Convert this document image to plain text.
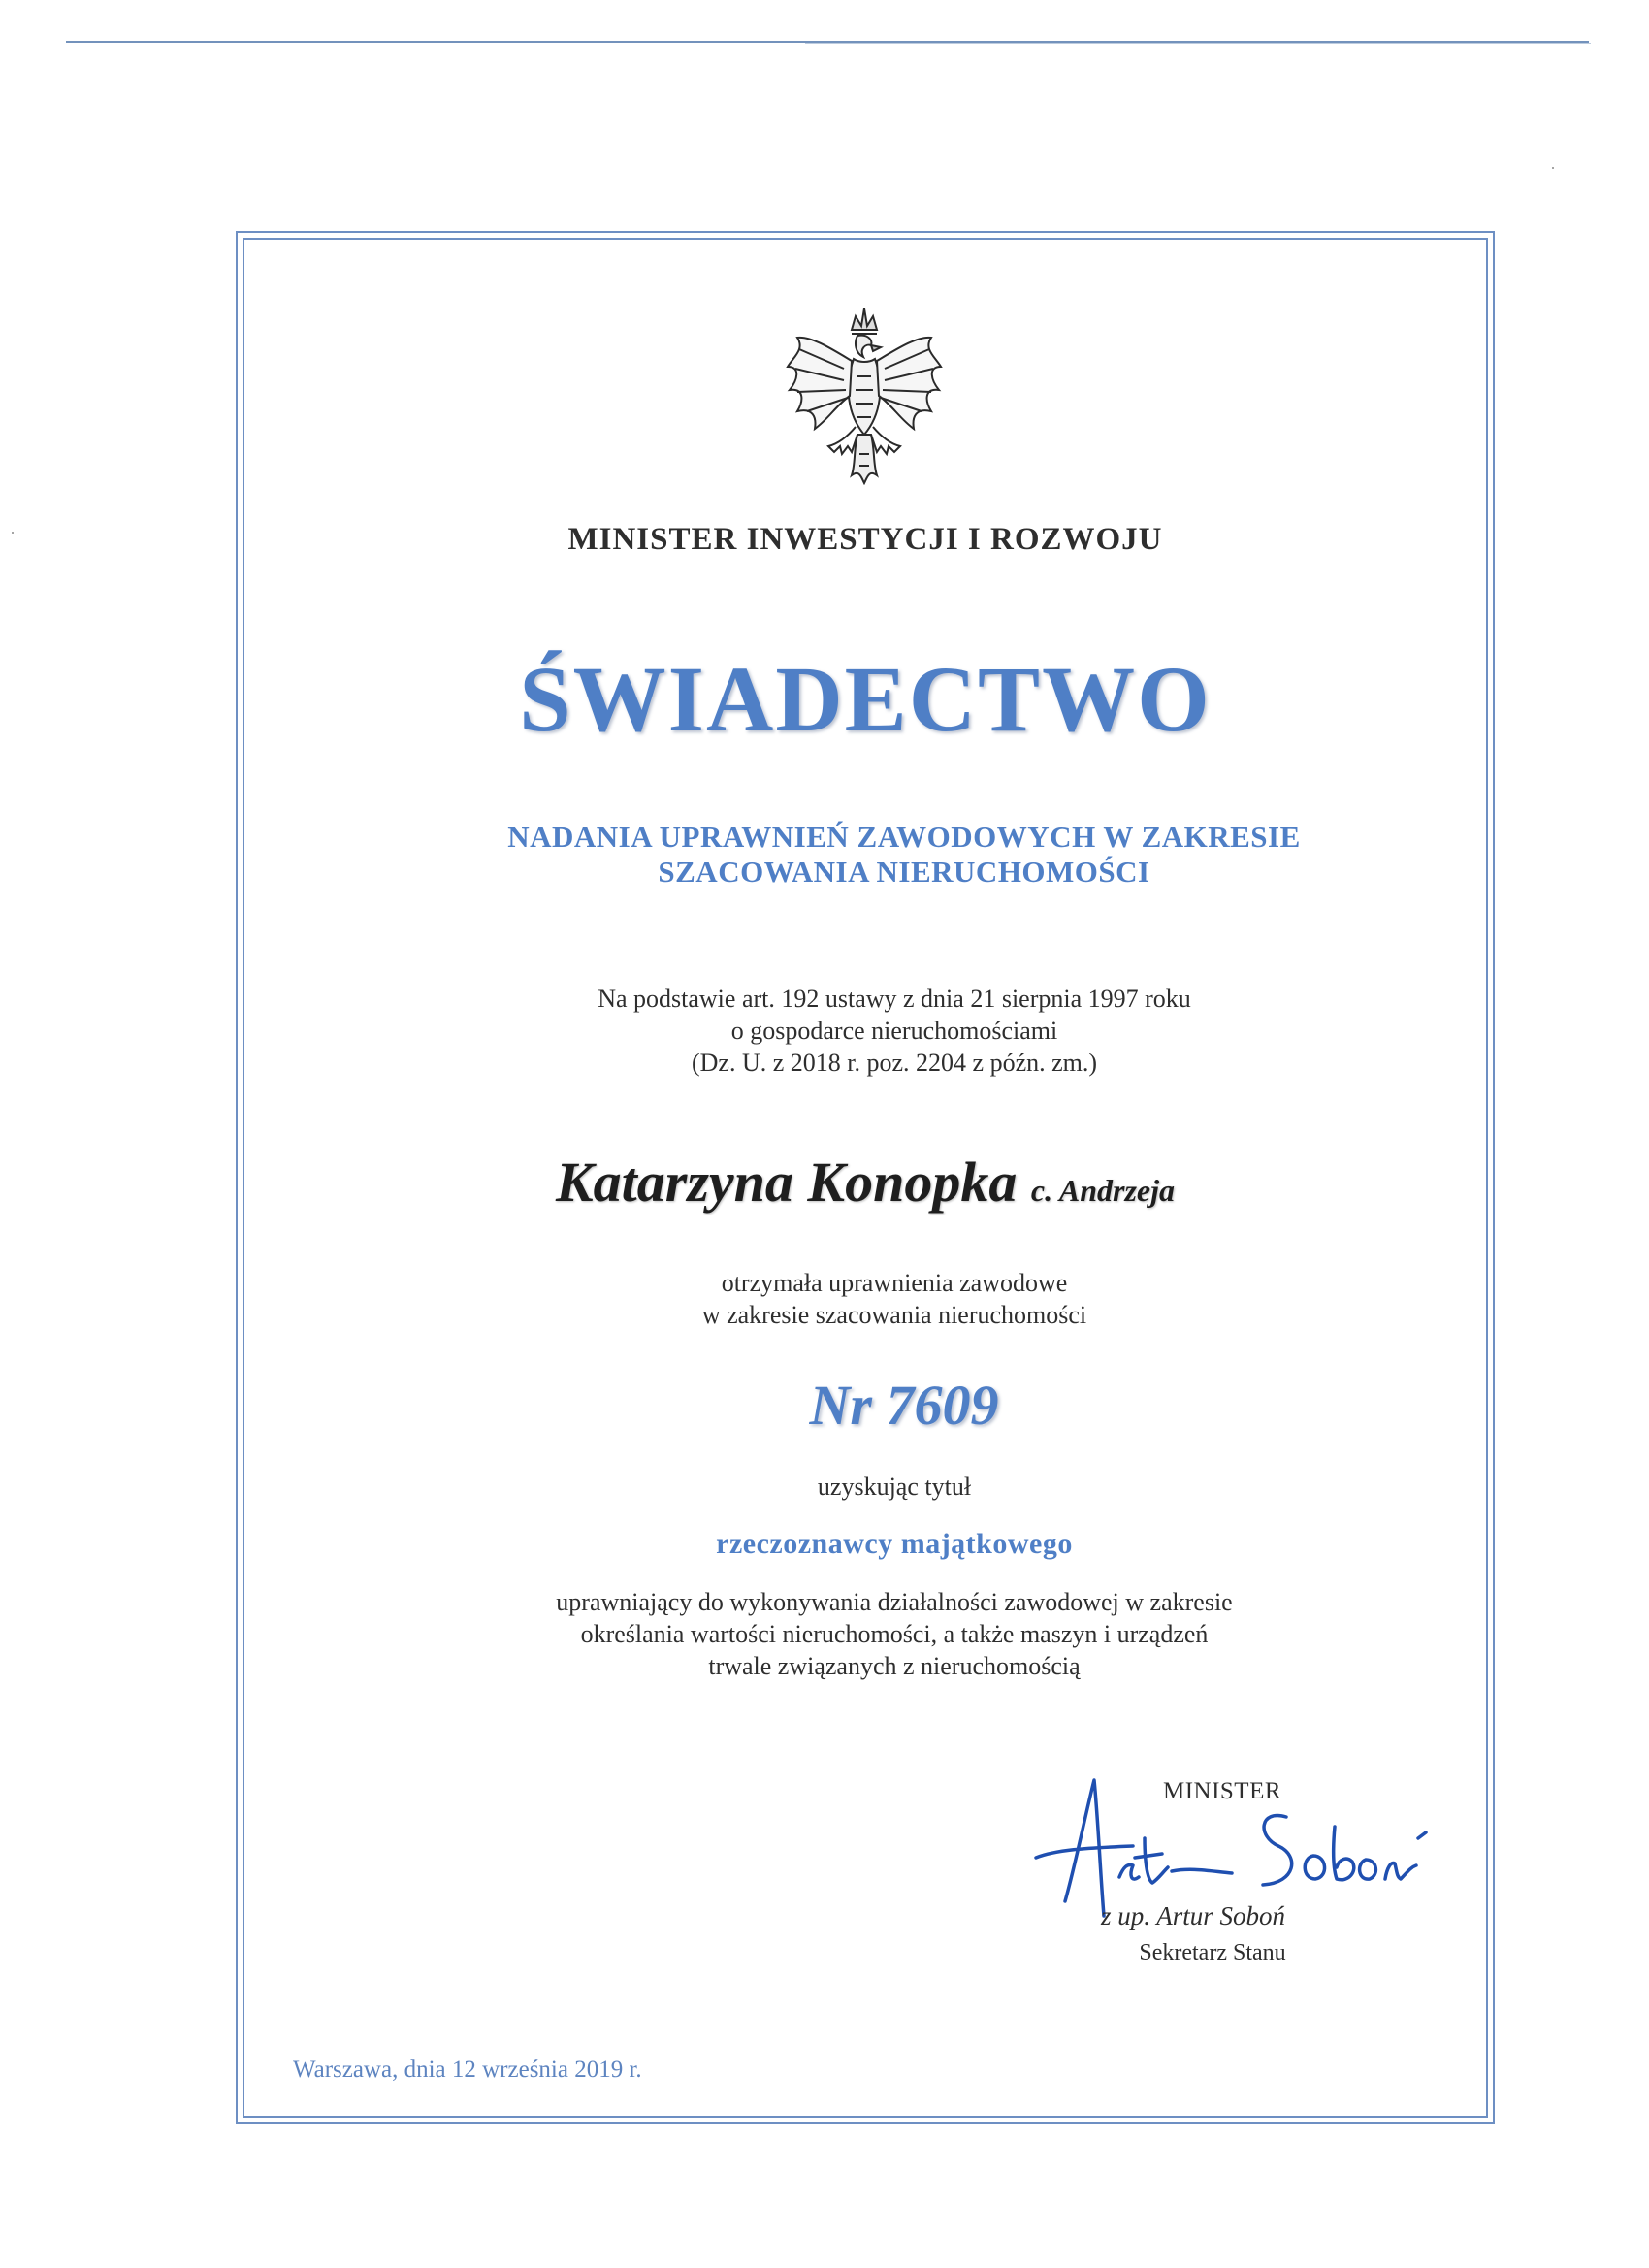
MINISTER INWESTYCJI I ROZWOJU
ŚWIADECTWO
NADANIA UPRAWNIEŃ ZAWODOWYCH W ZAKRESIE
SZACOWANIA NIERUCHOMOŚCI
Na podstawie art. 192 ustawy z dnia 21 sierpnia 1997 roku
o gospodarce nieruchomościami
(Dz. U. z 2018 r. poz. 2204 z późn. zm.)
Katarzyna Konopka c. Andrzeja
otrzymała uprawnienia zawodowe
w zakresie szacowania nieruchomości
Nr 7609
uzyskując tytuł
rzeczoznawcy majątkowego
uprawniający do wykonywania działalności zawodowej w zakresie
określania wartości nieruchomości, a także maszyn i urządzeń
trwale związanych z nieruchomością
MINISTER
z up. Artur Soboń
Sekretarz Stanu
Warszawa, dnia 12 września 2019 r.
